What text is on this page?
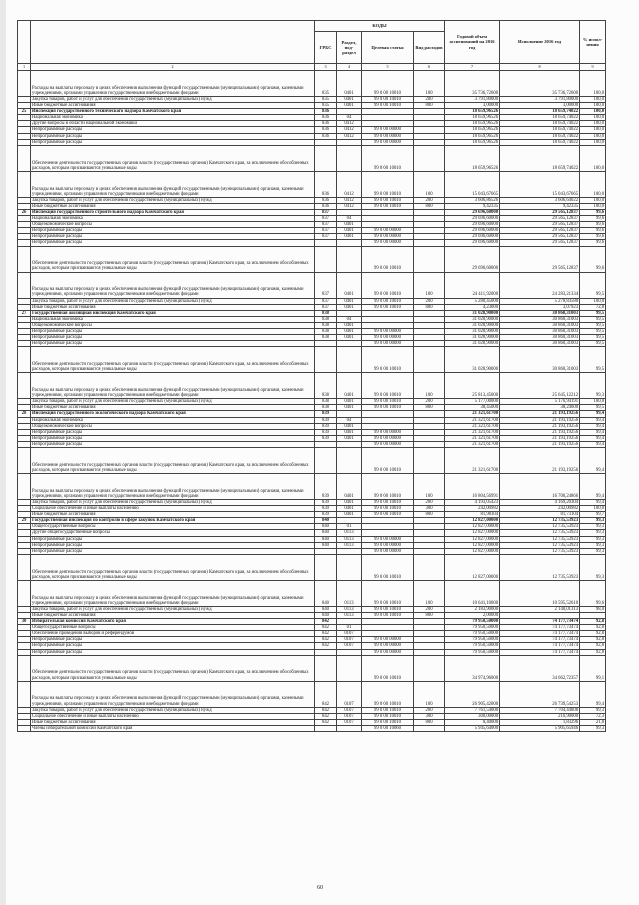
		КОДЫ				Годовой объем ассигнований на 2016 год	Исполнение 2016 год	% испол-нения
		ГРБС	Раздел, под-раздел	Целевая статья	Вид расходов			
1	2	3	4	5	6	7	8	9
	Расходы на выплаты персоналу в целях обеспечения выполнения функций государственными (муниципальными) органами, казенными учреждениями, органами управления государственными внебюджетными фондами	835	0401	99 0 00 10010	100	35 736,72600	35 736,72600	100,0
	Закупка товаров, работ и услуг для обеспечения государственных (муниципальных) нужд	835	0401	99 0 00 10010	200	3 791,80000	3 791,80000	100,0
	Иные бюджетные ассигнования	835	0401	99 0 00 10010	800	3,00000	3,00000	100,0
25	Инспекция государственного технического надзора Камчатского края	836				18 659,96526	18 659,74022	100,0
	Национальная экономика	836	04			18 659,96526	18 659,74022	100,0
	Другие вопросы в области национальной экономики	836	0412			18 659,96526	18 659,74022	100,0
	Непрограммные расходы	836	0412	99 0 00 00000		18 659,96526	18 659,74022	100,0
	Непрограммные расходы	836	0412	99 0 00 00000		18 659,96526	18 659,74022	100,0
	Непрограммные расходы			99 0 00 00000		18 659,96526	18 659,74022	100,0
	Обеспечение деятельности государственных органов власти (государственных органов) Камчатского края, за исключением обособленных расходов, которым присваиваются уникальные коды			99 0 00 10010		18 659,96526	18 659,74022	100,0
	Расходы на выплаты персоналу в целях обеспечения выполнения функций государственными (муниципальными) органами, казенными учреждениями, органами управления государственными внебюджетными фондами	836	0412	99 0 00 10010	100	15 043,67665	15 043,67665	100,0
	Закупка товаров, работ и услуг для обеспечения государственных (муниципальных) нужд	836	0412	99 0 00 10010	200	3 606,86526	3 606,64022	100,0
	Иные бюджетные ассигнования	836	0412	99 0 00 10010	800	9,42335	9,42335	100,0
26	Инспекция государственного строительного надзора Камчатского края	837				29 696,60000	29 565,12837	99,6
	Национальная экономика	837	04			29 696,60000	29 565,12837	99,6
	Общеэкономические вопросы	837	0401			29 696,60000	29 565,12837	99,6
	Непрограммные расходы	837	0401	99 0 00 00000		29 696,60000	29 565,12837	99,6
	Непрограммные расходы	837	0401	99 0 00 00000		29 696,60000	29 565,12837	99,6
	Непрограммные расходы			99 0 00 00000		29 696,60000	29 565,12837	99,6
	Обеспечение деятельности государственных органов власти (государственных органов) Камчатского края, за исключением обособленных расходов, которым присваиваются уникальные коды			99 0 00 10010		29 696,60000	29 565,12837	99,6
	Расходы на выплаты персоналу в целях обеспечения выполнения функций государственными (муниципальными) органами, казенными учреждениями, органами управления государственными внебюджетными фондами	837	0401	99 0 00 10010	100	24 411,92000	24 283,21334	99,5
	Закупка товаров, работ и услуг для обеспечения государственных (муниципальных) нужд	837	0401	99 0 00 10010	200	5 280,45000	5 278,83580	100,0
	Иные бюджетные ассигнования	837	0401	99 0 00 10010	800	4,23000	3,07923	72,8
27	Государственная жилищная инспекция Камчатского края	838				31 028,90000	30 860,31003	99,5
	Национальная экономика	838	04			31 028,90000	30 860,31003	99,5
	Общеэкономические вопросы	838	0401			31 028,90000	30 860,31003	99,5
	Непрограммные расходы	838	0401	99 0 00 00000		31 028,90000	30 860,31003	99,5
	Непрограммные расходы	838	0401	99 0 00 00000		31 028,90000	30 860,31003	99,5
	Непрограммные расходы			99 0 00 00000		31 028,90000	30 860,31003	99,5
	Обеспечение деятельности государственных органов власти (государственных органов) Камчатского края, за исключением обособленных расходов, которым присваиваются уникальные коды			99 0 00 10010		31 028,90000	30 860,31003	99,5
	Расходы на выплаты персоналу в целях обеспечения выполнения функций государственными (муниципальными) органами, казенными учреждениями, органами управления государственными внебюджетными фондами	838	0401	99 0 00 10010	100	25 813,45000	25 645,12212	99,3
	Закупка товаров, работ и услуг для обеспечения государственных (муниципальных) нужд	838	0401	99 0 00 10010	200	5 177,00000	5 176,94191	100,0
	Иные бюджетные ассигнования	838	0401	99 0 00 10010	800	38,45000	38,24600	99,5
28	Инспекция государственного экологического надзора Камчатского края	839				21 321,61700	21 193,19256	99,4
	Национальная экономика	839	04			21 321,61700	21 193,19256	99,4
	Общеэкономические вопросы	839	0401			21 321,61700	21 193,19256	99,4
	Непрограммные расходы	839	0401	99 0 00 00000		21 321,61700	21 193,19256	99,4
	Непрограммные расходы	839	0401	99 0 00 00000		21 321,61700	21 193,19256	99,4
	Непрограммные расходы			99 0 00 00000		21 321,61700	21 193,19256	99,4
	Обеспечение деятельности государственных органов власти (государственных органов) Камчатского края, за исключением обособленных расходов, которым присваиваются уникальные коды			99 0 00 10010		21 321,61700	21 193,19256	99,4
	Расходы на выплаты персоналу в целях обеспечения выполнения функций государственными (муниципальными) органами, казенными учреждениями, органами управления государственными внебюджетными фондами	839	0401	99 0 00 10010	100	16 804,56991	16 700,24866	99,4
	Закупка товаров, работ и услуг для обеспечения государственных (муниципальных) нужд	839	0401	99 0 00 10010	200	4 193,05423	4 169,20304	99,4
	Социальное обеспечение и иные выплаты населению	839	0401	99 0 00 10010	300	242,00982	242,00982	100,0
	Иные бюджетные ассигнования	839	0401	99 0 00 10010	800	81,98304	81,73104	99,7
29	Государственная инспекция по контролю в сфере закупок Камчатского края	840				12 827,00000	12 735,53923	99,3
	Общегосударственные вопросы	840	01			12 827,00000	12 735,53923	99,3
	Другие общегосударственные вопросы	840	0113			12 827,00000	12 735,53923	99,3
	Непрограммные расходы	840	0113	99 0 00 00000		12 827,00000	12 735,53923	99,3
	Непрограммные расходы	840	0113	99 0 00 00000		12 827,00000	12 735,53923	99,3
	Непрограммные расходы			99 0 00 00000		12 827,00000	12 735,53923	99,3
	Обеспечение деятельности государственных органов власти (государственных органов) Камчатского края, за исключением обособленных расходов, которым присваиваются уникальные коды			99 0 00 10010		12 827,00000	12 735,53923	99,3
	Расходы на выплаты персоналу в целях обеспечения выполнения функций государственными (муниципальными) органами, казенными учреждениями, органами управления государственными внебюджетными фондами	840	0113	99 0 00 10010	100	10 641,10000	10 595,52610	99,6
	Закупка товаров, работ и услуг для обеспечения государственных (муниципальных) нужд	840	0113	99 0 00 10010	200	2 183,90000	2 140,01313	98,0
	Иные бюджетные ассигнования	840	0113	99 0 00 10010	800	2,00000		
30	Избирательная комиссия Камчатского края	842				79 950,50000	74 177,73474	92,8
	Общегосударственные вопросы	842	01			79 950,50000	74 177,73474	92,8
	Обеспечение проведения выборов и референдумов	842	0107			79 950,50000	74 177,73474	92,8
	Непрограммные расходы	842	0107	99 0 00 00000		79 950,50000	74 177,73474	92,8
	Непрограммные расходы	842	0107	99 0 00 00000		79 950,50000	74 177,73474	92,8
	Непрограммные расходы			99 0 00 00000		79 950,50000	74 177,73474	92,8
	Обеспечение деятельности государственных органов власти (государственных органов) Камчатского края, за исключением обособленных расходов, которым присваиваются уникальные коды			99 0 00 10010		34 974,96000	34 662,72357	99,1
	Расходы на выплаты персоналу в целях обеспечения выполнения функций государственными (муниципальными) органами, казенными учреждениями, органами управления государственными внебюджетными фондами	842	0107	99 0 00 10010	100	26 905,42000	26 739,54253	99,4
	Закупка товаров, работ и услуг для обеспечения государственных (муниципальных) нужд	842	0107	99 0 00 10010	200	7 761,54000	7 704,44808	99,3
	Социальное обеспечение и иные выплаты населению	842	0107	99 0 00 10010	300	300,00000	216,90000	72,3
	Иные бюджетные ассигнования	842	0107	99 0 00 10010	800	8,40000	1,83296	21,8
	Члены избирательной комиссии Камчатского края			99 0 00 10060		5 945,64000	5 905,65946	99,3
60
